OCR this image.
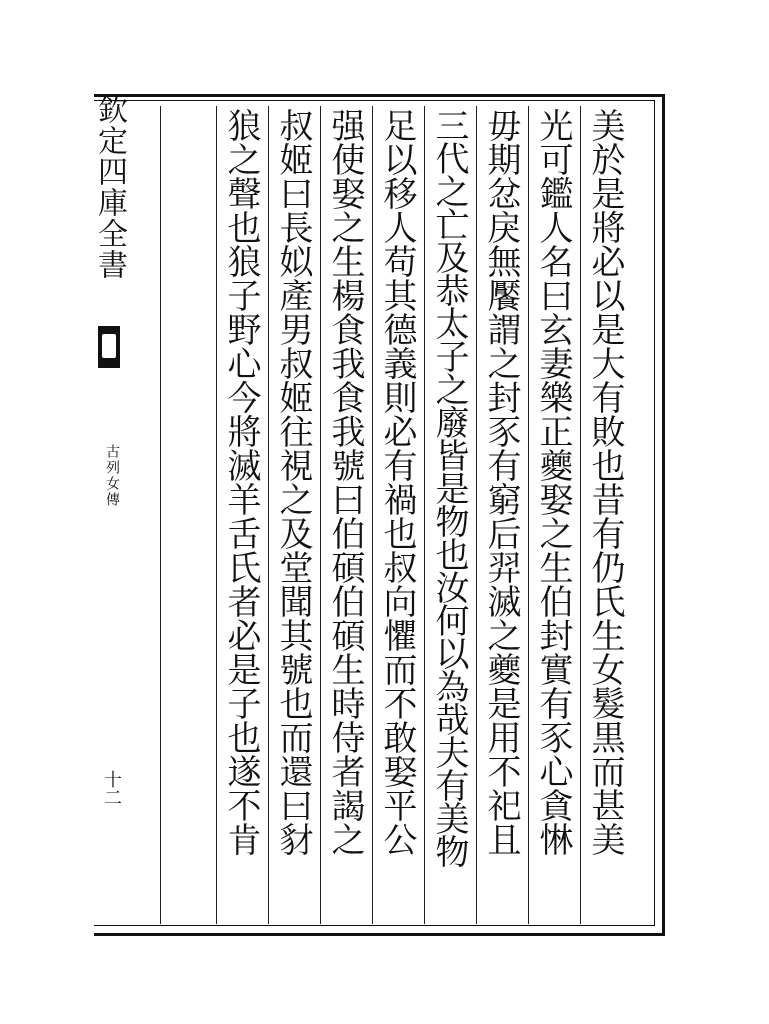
美於是將必以是大有敗也昔有仍氏生女髮黒而甚美
光可鑑人名曰玄妻樂正夔娶之生伯封實有豕心貪惏
毋期忿戾無饜謂之封豕有窮后羿滅之夔是用不祀且
三代之亡及恭太子之廢皆是物也汝何以為哉夫有美物
足以移人苟其德義則必有禍也叔向懼而不敢娶平公
强使娶之生楊食我食我號曰伯碩伯碩生時侍者謁之
叔姬曰長姒產男叔姬往視之及堂聞其號也而還曰豺
狼之聲也狼子野心今將滅羊舌氏者必是子也遂不肯
欽定四庫全書
古列女傳
十二
